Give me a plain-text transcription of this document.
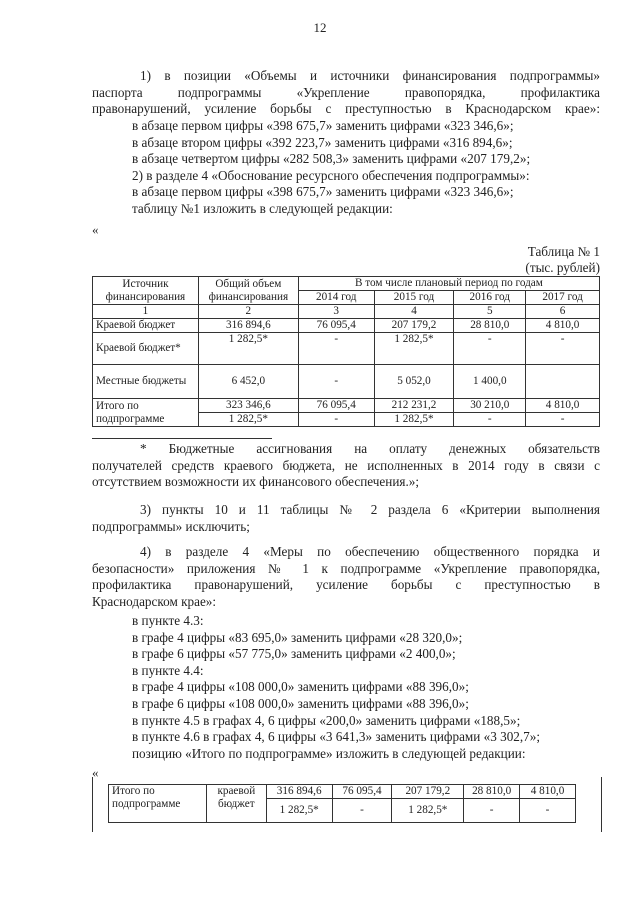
12
1) в позиции «Объемы и источники финансирования подпрограммы»
паспорта подпрограммы «Укрепление правопорядка, профилактика
правонарушений, усиление борьбы с преступностью в Краснодарском крае»:
в абзаце первом цифры «398 675,7» заменить цифрами «323 346,6»;
в абзаце втором цифры «392 223,7» заменить цифрами «316 894,6»;
в абзаце четвертом цифры «282 508,3» заменить цифрами «207 179,2»;
2) в разделе 4 «Обоснование ресурсного обеспечения подпрограммы»:
в абзаце первом цифры «398 675,7» заменить цифрами «323 346,6»;
таблицу №1 изложить в следующей редакции:
«
Таблица № 1
(тыс. рублей)
Источник финансирования	Общий объем финансирования	В том числе плановый период по годам			
		2014 год	2015 год	2016 год	2017 год
1	2	3	4	5	6
Краевой бюджет	316 894,6	76 095,4	207 179,2	28 810,0	4 810,0
Краевой бюджет*	1 282,5*	-	1 282,5*	-	-
Местные бюджеты	6 452,0	-	5 052,0	1 400,0	
Итого по подпрограмме	323 346,6	76 095,4	212 231,2	30 210,0	4 810,0
	1 282,5*	-	1 282,5*	-	-
* Бюджетные ассигнования на оплату денежных обязательств
получателей средств краевого бюджета, не исполненных в 2014 году в связи с
отсутствием возможности их финансового обеспечения.»;
3) пункты 10 и 11 таблицы № 2 раздела 6 «Критерии выполнения
подпрограммы» исключить;
4) в разделе 4 «Меры по обеспечению общественного порядка и
безопасности» приложения № 1 к подпрограмме «Укрепление правопорядка,
профилактика правонарушений, усиление борьбы с преступностью в
Краснодарском крае»:
в пункте 4.3:
в графе 4 цифры «83 695,0» заменить цифрами «28 320,0»;
в графе 6 цифры «57 775,0» заменить цифрами «2 400,0»;
в пункте 4.4:
в графе 4 цифры «108 000,0» заменить цифрами «88 396,0»;
в графе 6 цифры «108 000,0» заменить цифрами «88 396,0»;
в пункте 4.5 в графах 4, 6 цифры «200,0» заменить цифрами «188,5»;
в пункте 4.6 в графах 4, 6 цифры «3 641,3» заменить цифрами «3 302,7»;
позицию «Итого по подпрограмме» изложить в следующей редакции:
«
Итого по подпрограмме	краевой бюджет	316 894,6	76 095,4	207 179,2	28 810,0	4 810,0
		1 282,5*	-	1 282,5*	-	-
